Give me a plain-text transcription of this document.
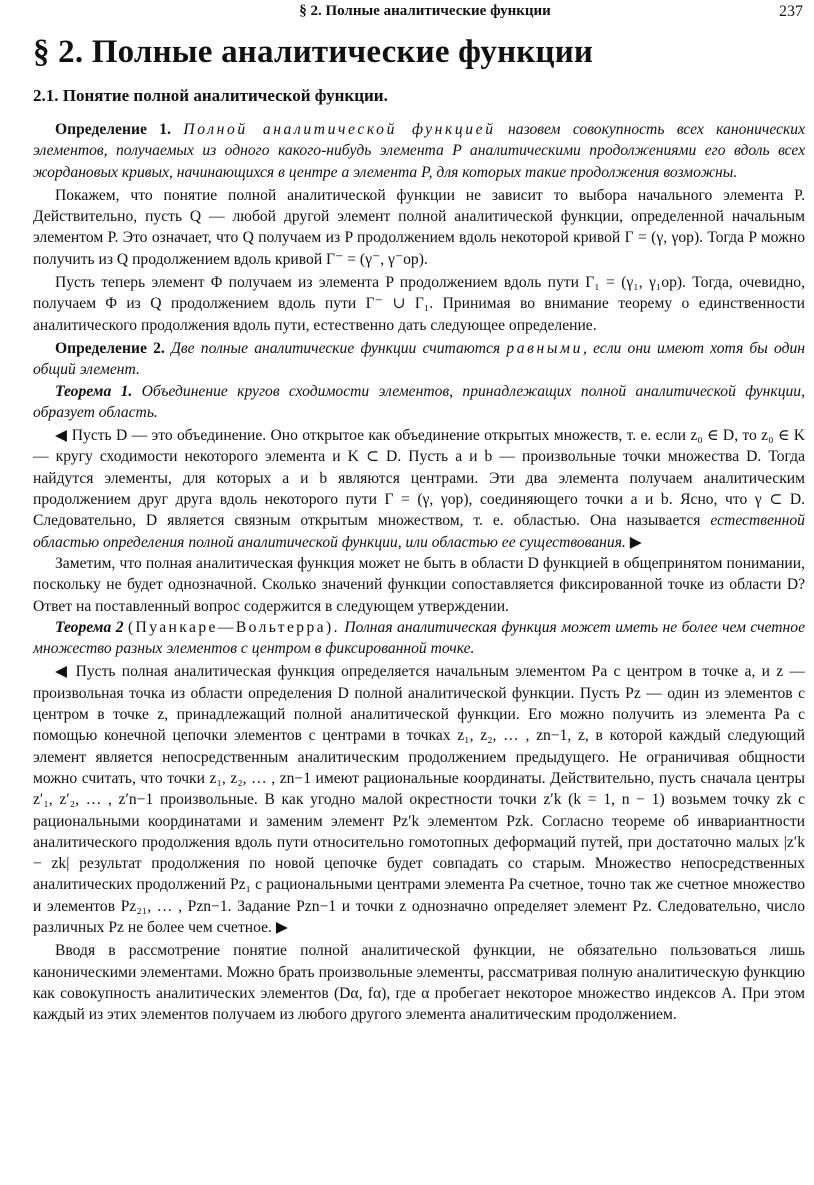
§ 2. Полные аналитические функции	237
§ 2. Полные аналитические функции
2.1. Понятие полной аналитической функции.

Определение 1. Полной аналитической функцией назовем совокупность всех канонических элементов, получаемых из одного какого-нибудь элемента P аналитическими продолжениями его вдоль всех жордановых кривых, начинающихся в центре a элемента P, для которых такие продолжения возможны.

Покажем, что понятие полной аналитической функции не зависит то выбора начального элемента P. Действительно, пусть Q — любой другой элемент полной аналитической функции, определенной начальным элементом P. Это означает, что Q получаем из P продолжением вдоль некоторой кривой Γ = (γ, γop). Тогда P можно получить из Q продолжением вдоль кривой Γ⁻ = (γ⁻, γ⁻op).

Пусть теперь элемент Φ получаем из элемента P продолжением вдоль пути Γ₁ = (γ₁, γ₁op). Тогда, очевидно, получаем Φ из Q продолжением вдоль пути Γ⁻ ∪ Γ₁. Принимая во внимание теорему о единственности аналитического продолжения вдоль пути, естественно дать следующее определение.

Определение 2. Две полные аналитические функции считаются равными, если они имеют хотя бы один общий элемент.

Теорема 1. Объединение кругов сходимости элементов, принадлежащих полной аналитической функции, образует область.

◀ Пусть D — это объединение. Оно открытое как объединение открытых множеств, т. е. если z₀ ∈ D, то z₀ ∈ K — кругу сходимости некоторого элемента и K ⊂ D. Пусть a и b — произвольные точки множества D. Тогда найдутся элементы, для которых a и b являются центрами. Эти два элемента получаем аналитическим продолжением друг друга вдоль некоторого пути Γ = (γ, γop), соединяющего точки a и b. Ясно, что γ ⊂ D. Следовательно, D является связным открытым множеством, т. е. областью. Она называется естественной областью определения полной аналитической функции, или областью ее существования. ▶

Заметим, что полная аналитическая функция может не быть в области D функцией в общепринятом понимании, поскольку не будет однозначной. Сколько значений функции сопоставляется фиксированной точке из области D? Ответ на поставленный вопрос содержится в следующем утверждении.

Теорема 2 (Пуанкаре—Вольтерра). Полная аналитическая функция может иметь не более чем счетное множество разных элементов с центром в фиксированной точке.

◀ Пусть полная аналитическая функция определяется начальным элементом Pa с центром в точке a, и z — произвольная точка из области определения D полной аналитической функции. Пусть Pz — один из элементов с центром в точке z, принадлежащий полной аналитической функции. Его можно получить из элемента Pa с помощью конечной цепочки элементов с центрами в точках z₁, z₂, … , zn−1, z, в которой каждый следующий элемент является непосредственным аналитическим продолжением предыдущего. Не ограничивая общности можно считать, что точки z₁, z₂, … , zn−1 имеют рациональные координаты. Действительно, пусть сначала центры z′₁, z′₂, … , z′n−1 произвольные. В как угодно малой окрестности точки z′k (k = 1, n − 1) возьмем точку zk с рациональными координатами и заменим элемент Pz′k элементом Pzk. Согласно теореме об инвариантности аналитического продолжения вдоль пути относительно гомотопных деформаций путей, при достаточно малых |z′k − zk| результат продолжения по новой цепочке будет совпадать со старым. Множество непосредственных аналитических продолжений Pz₁ с рациональными центрами элемента Pa счетное, точно так же счетное множество и элементов Pz₂₁, … , Pzn−1. Задание Pzn−1 и точки z однозначно определяет элемент Pz. Следовательно, число различных Pz не более чем счетное. ▶

Вводя в рассмотрение понятие полной аналитической функции, не обязательно пользоваться лишь каноническими элементами. Можно брать произвольные элементы, рассматривая полную аналитическую функцию как совокупность аналитических элементов (Dα, fα), где α пробегает некоторое множество индексов A. При этом каждый из этих элементов получаем из любого другого элемента аналитическим продолжением.
